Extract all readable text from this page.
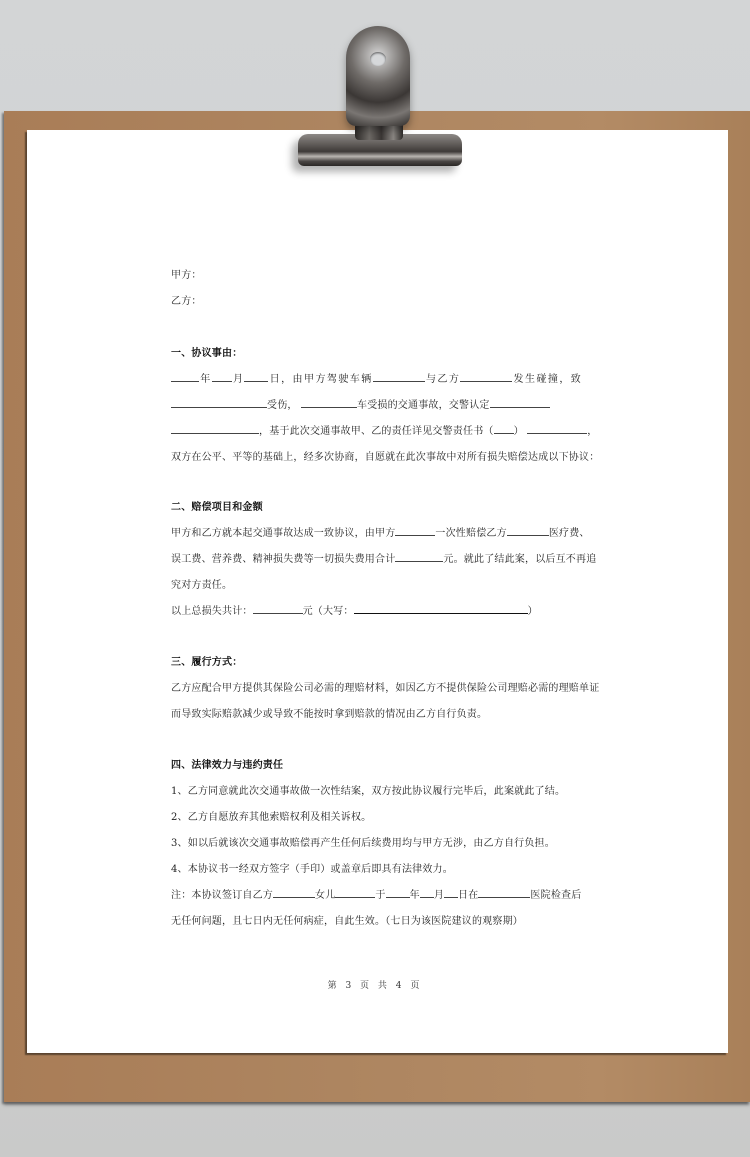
甲方：
乙方：
一、协议事由：
年 月 日，由甲方驾驶车辆	与乙方	发生碰撞，致
受伤，	车受损的交通事故，交警认定
，基于此次交通事故甲、乙的责任详见交警责任书（ ）	，
双方在公平、平等的基础上，经多次协商，自愿就在此次事故中对所有损失赔偿达成以下协议：
二、赔偿项目和金额
甲方和乙方就本起交通事故达成一致协议，由甲方	一次性赔偿乙方	医疗费、
误工费、营养费、精神损失费等一切损失费用合计	元。就此了结此案，以后互不再追
究对方责任。
以上总损失共计：	元（大写：	）
三、履行方式：
乙方应配合甲方提供其保险公司必需的理赔材料，如因乙方不提供保险公司理赔必需的理赔单证
而导致实际赔款减少或导致不能按时拿到赔款的情况由乙方自行负责。
四、法律效力与违约责任
1、乙方同意就此次交通事故做一次性结案，双方按此协议履行完毕后，此案就此了结。
2、乙方自愿放弃其他索赔权利及相关诉权。
3、如以后就该次交通事故赔偿再产生任何后续费用均与甲方无涉，由乙方自行负担。
4、本协议书一经双方签字（手印）或盖章后即具有法律效力。
注：本协议签订自乙方	女儿	于 年 月 日在	医院检查后
无任何问题，且七日内无任何病症，自此生效。（七日为该医院建议的观察期）
第 3 页 共 4 页
